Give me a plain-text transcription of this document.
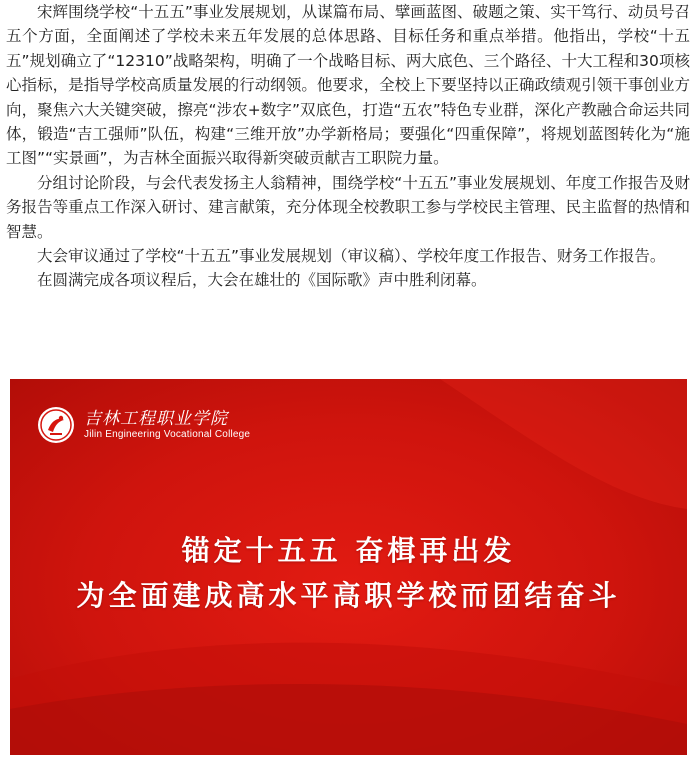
宋辉围绕学校“十五五”事业发展规划，从谋篇布局、擘画蓝图、破题之策、实干笃行、动员号召五个方面，全面阐述了学校未来五年发展的总体思路、目标任务和重点举措。他指出，学校“十五五”规划确立了“12310”战略架构，明确了一个战略目标、两大底色、三个路径、十大工程和30项核心指标，是指导学校高质量发展的行动纲领。他要求，全校上下要坚持以正确政绩观引领干事创业方向，聚焦六大关键突破，擦亮“涉农+数字”双底色，打造“五农”特色专业群，深化产教融合命运共同体，锻造“吉工强师”队伍，构建“三维开放”办学新格局；要强化“四重保障”，将规划蓝图转化为“施工图”“实景画”，为吉林全面振兴取得新突破贡献吉工职院力量。

分组讨论阶段，与会代表发扬主人翁精神，围绕学校“十五五”事业发展规划、年度工作报告及财务报告等重点工作深入研讨、建言献策，充分体现全校教职工参与学校民主管理、民主监督的热情和智慧。

大会审议通过了学校“十五五”事业发展规划（审议稿）、学校年度工作报告、财务工作报告。

在圆满完成各项议程后，大会在雄壮的《国际歌》声中胜利闭幕。

吉林工程职业学院
Jilin Engineering Vocational College
锚定十五五 奋楫再出发
为全面建成高水平高职学校而团结奋斗
